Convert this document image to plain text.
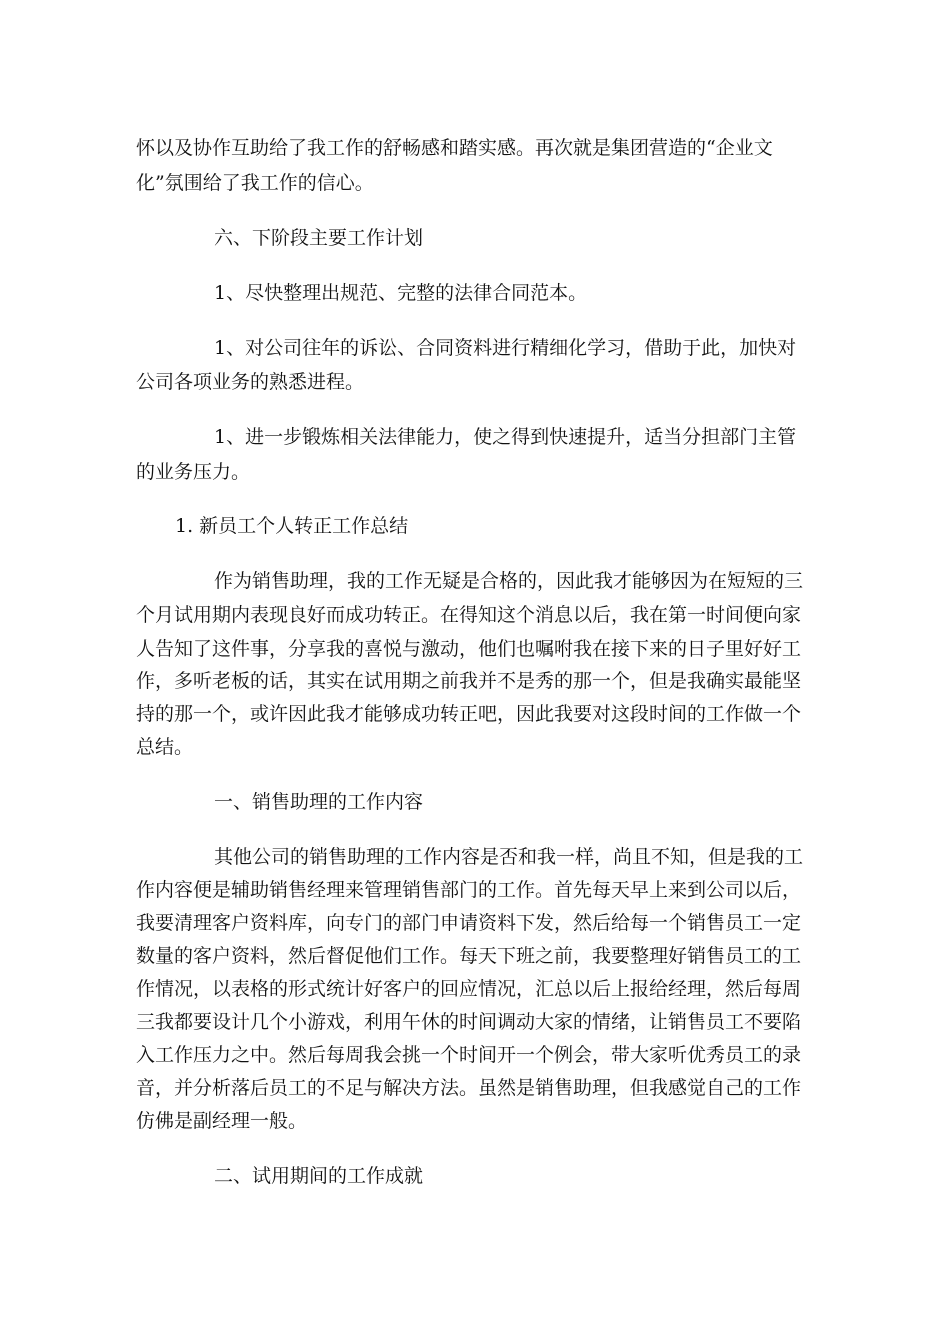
怀以及协作互助给了我工作的舒畅感和踏实感。再次就是集团营造的“企业文
化”氛围给了我工作的信心。
六、下阶段主要工作计划
1、尽快整理出规范、完整的法律合同范本。
1、对公司往年的诉讼、合同资料进行精细化学习，借助于此，加快对
公司各项业务的熟悉进程。
1、进一步锻炼相关法律能力，使之得到快速提升，适当分担部门主管
的业务压力。
1. 新员工个人转正工作总结
作为销售助理，我的工作无疑是合格的，因此我才能够因为在短短的三
个月试用期内表现良好而成功转正。在得知这个消息以后，我在第一时间便向家
人告知了这件事，分享我的喜悦与激动，他们也嘱咐我在接下来的日子里好好工
作，多听老板的话，其实在试用期之前我并不是秀的那一个，但是我确实最能坚
持的那一个，或许因此我才能够成功转正吧，因此我要对这段时间的工作做一个
总结。
一、销售助理的工作内容
其他公司的销售助理的工作内容是否和我一样，尚且不知，但是我的工
作内容便是辅助销售经理来管理销售部门的工作。首先每天早上来到公司以后，
我要清理客户资料库，向专门的部门申请资料下发，然后给每一个销售员工一定
数量的客户资料，然后督促他们工作。每天下班之前，我要整理好销售员工的工
作情况，以表格的形式统计好客户的回应情况，汇总以后上报给经理，然后每周
三我都要设计几个小游戏，利用午休的时间调动大家的情绪，让销售员工不要陷
入工作压力之中。然后每周我会挑一个时间开一个例会，带大家听优秀员工的录
音，并分析落后员工的不足与解决方法。虽然是销售助理，但我感觉自己的工作
仿佛是副经理一般。
二、试用期间的工作成就
